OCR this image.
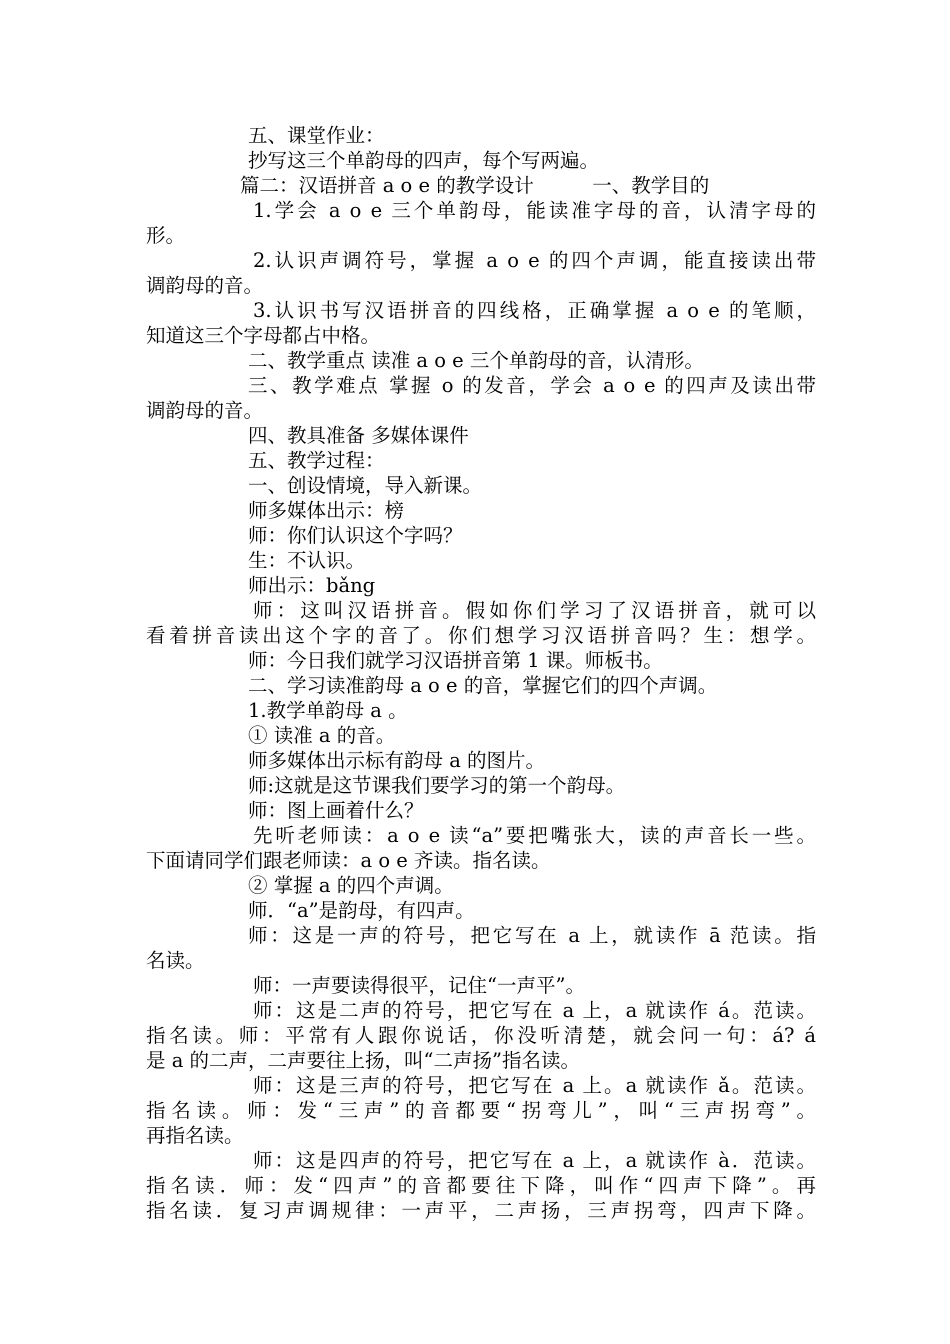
五、课堂作业：
抄写这三个单韵母的四声，每个写两遍。
篇二：汉语拼音 a o e 的教学设计　　　一、教学目的
1.学会 a o e 三个单韵母，能读准字母的音，认清字母的
形。
2.认识声调符号，掌握 a o e 的四个声调，能直接读出带
调韵母的音。
3.认识书写汉语拼音的四线格，正确掌握 a o e 的笔顺，
知道这三个字母都占中格。
二、教学重点 读准 a o e 三个单韵母的音，认清形。
三、教学难点 掌握 o 的发音，学会 a o e 的四声及读出带
调韵母的音。
四、教具准备 多媒体课件
五、教学过程：
一、创设情境，导入新课。
师多媒体出示：榜
师：你们认识这个字吗？
生：不认识。
师出示：bǎng
师：这叫汉语拼音。假如你们学习了汉语拼音，就可以
看着拼音读出这个字的音了。你们想学习汉语拼音吗？生：想学。
师：今日我们就学习汉语拼音第 1 课。师板书。
二、学习读准韵母 a o e 的音，掌握它们的四个声调。
1.教学单韵母 a 。
① 读准 a 的音。
师多媒体出示标有韵母 a 的图片。
师:这就是这节课我们要学习的第一个韵母。
师：图上画着什么？
先听老师读：a o e 读“a”要把嘴张大，读的声音长一些。
下面请同学们跟老师读：a o e 齐读。指名读。
② 掌握 a 的四个声调。
师．“a”是韵母，有四声。
师：这是一声的符号，把它写在 a 上，就读作 ā 范读。指
名读。
师：一声要读得很平，记住“一声平”。
师：这是二声的符号，把它写在 a 上，a 就读作 á。范读。
指名读。师：平常有人跟你说话，你没听清楚，就会问一句：á? á
是 a 的二声，二声要往上扬，叫“二声扬”指名读。
师：这是三声的符号，把它写在 a 上。a 就读作 ǎ。范读。
指名读。师：发“三声”的音都要“拐弯儿”，叫“三声拐弯”。
再指名读。
师：这是四声的符号，把它写在 a 上，a 就读作 à．范读。
指名读．师：发“四声”的音都要往下降，叫作“四声下降”。再
指名读．复习声调规律：一声平，二声扬，三声拐弯，四声下降。
